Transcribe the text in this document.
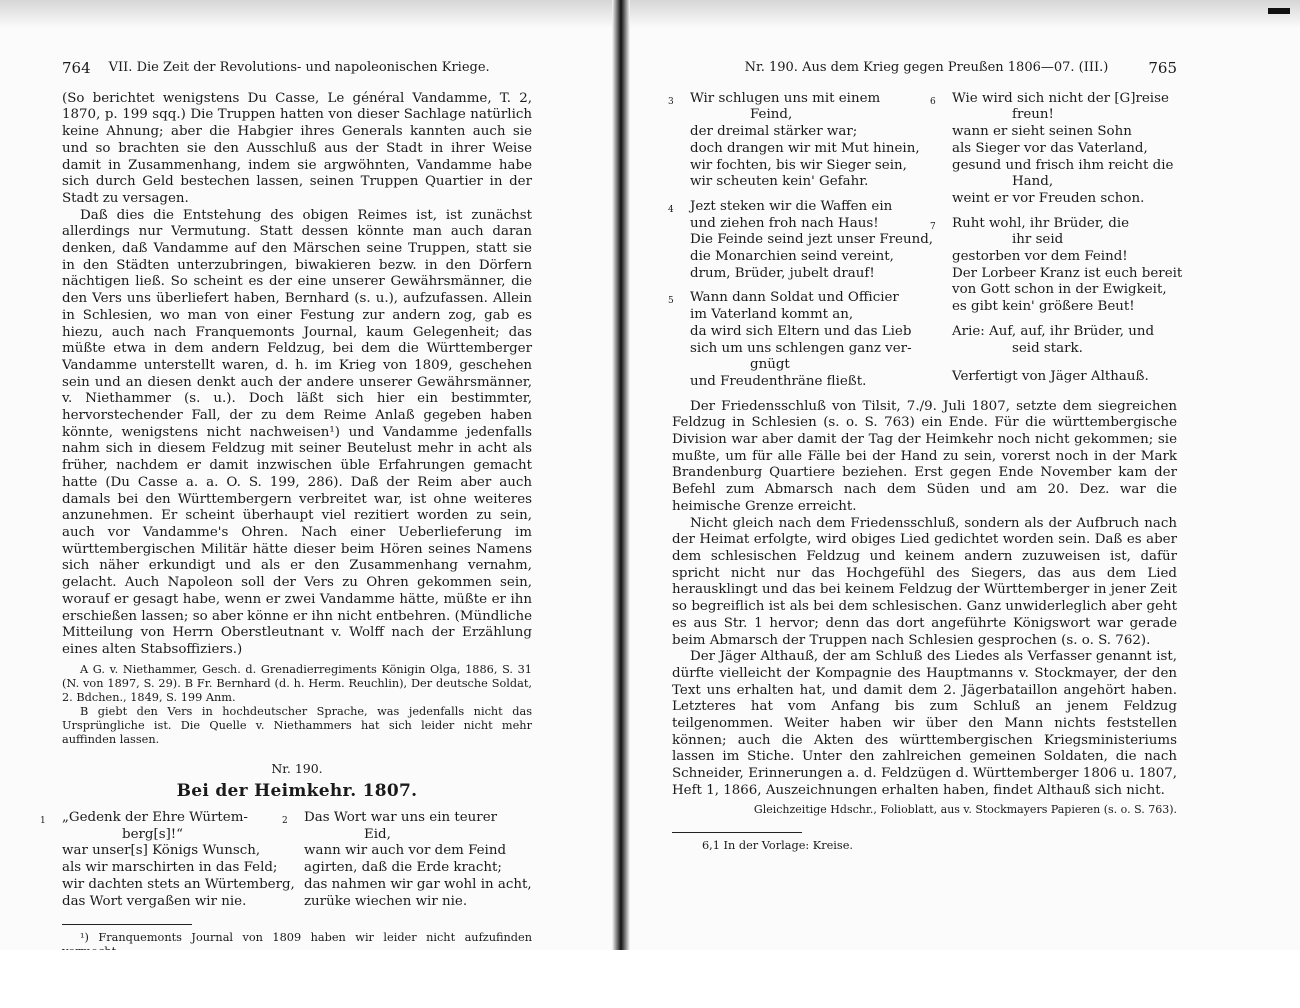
764 VII. Die Zeit der Revolutions- und napoleonischen Kriege.

(So berichtet wenigstens Du Casse, Le général Vandamme, T. 2, 1870, p. 199 sqq.) Die Truppen hatten von dieser Sachlage natürlich keine Ahnung; aber die Habgier ihres Generals kannten auch sie und so brachten sie den Ausschluß aus der Stadt in ihrer Weise damit in Zusammenhang, indem sie argwöhnten, Vandamme habe sich durch Geld bestechen lassen, seinen Truppen Quartier in der Stadt zu versagen.

Daß dies die Entstehung des obigen Reimes ist, ist zunächst allerdings nur Vermutung. Statt dessen könnte man auch daran denken, daß Vandamme auf den Märschen seine Truppen, statt sie in den Städten unterzubringen, biwakieren bezw. in den Dörfern nächtigen ließ. So scheint es der eine unserer Gewährsmänner, die den Vers uns überliefert haben, Bernhard (s. u.), aufzufassen. Allein in Schlesien, wo man von einer Festung zur andern zog, gab es hiezu, auch nach Franquemonts Journal, kaum Gelegenheit; das müßte etwa in dem andern Feldzug, bei dem die Württemberger Vandamme unterstellt waren, d. h. im Krieg von 1809, geschehen sein und an diesen denkt auch der andere unserer Gewährsmänner, v. Niethammer (s. u.). Doch läßt sich hier ein bestimmter, hervorstechender Fall, der zu dem Reime Anlaß gegeben haben könnte, wenigstens nicht nachweisen¹) und Vandamme jedenfalls nahm sich in diesem Feldzug mit seiner Beutelust mehr in acht als früher, nachdem er damit inzwischen üble Erfahrungen gemacht hatte (Du Casse a. a. O. S. 199, 286). Daß der Reim aber auch damals bei den Württembergern verbreitet war, ist ohne weiteres anzunehmen. Er scheint überhaupt viel rezitiert worden zu sein, auch vor Vandamme's Ohren. Nach einer Ueberlieferung im württembergischen Militär hätte dieser beim Hören seines Namens sich näher erkundigt und als er den Zusammenhang vernahm, gelacht. Auch Napoleon soll der Vers zu Ohren gekommen sein, worauf er gesagt habe, wenn er zwei Vandamme hätte, müßte er ihn erschießen lassen; so aber könne er ihn nicht entbehren. (Mündliche Mitteilung von Herrn Oberstleutnant v. Wolff nach der Erzählung eines alten Stabsoffiziers.)

A G. v. Niethammer, Gesch. d. Grenadierregiments Königin Olga, 1886, S. 31 (N. von 1897, S. 29). B Fr. Bernhard (d. h. Herm. Reuchlin), Der deutsche Soldat, 2. Bdchen., 1849, S. 199 Anm.

B giebt den Vers in hochdeutscher Sprache, was jedenfalls nicht das Ursprüngliche ist. Die Quelle v. Niethammers hat sich leider nicht mehr auffinden lassen.

Nr. 190.
Bei der Heimkehr. 1807.
1 „Gedenk der Ehre Würtem-
berg[s]!“
war unser[s] Königs Wunsch,
als wir marschirten in das Feld;
wir dachten stets an Würtemberg,
das Wort vergaßen wir nie.
2 Das Wort war uns ein teurer
Eid,
wann wir auch vor dem Feind
agirten, daß die Erde kracht;
das nahmen wir gar wohl in acht,
zurüke wiechen wir nie.

¹) Franquemonts Journal von 1809 haben wir leider nicht aufzufinden

Nr. 190. Aus dem Krieg gegen Preußen 1806—07. (III.)	765
3 Wir schlugen uns mit einem
Feind,
der dreimal stärker war;
doch drangen wir mit Mut hinein,
wir fochten, bis wir Sieger sein,
wir scheuten kein' Gefahr.
4 Jezt steken wir die Waffen ein
und ziehen froh nach Haus!
Die Feinde seind jezt unser Freund,
die Monarchien seind vereint,
drum, Brüder, jubelt drauf!
5 Wann dann Soldat und Officier
im Vaterland kommt an,
da wird sich Eltern und das Lieb
sich um uns schlengen ganz ver-
gnügt
und Freudenthräne fließt.
6 Wie wird sich nicht der [G]reise
freun!
wann er sieht seinen Sohn
als Sieger vor das Vaterland,
gesund und frisch ihm reicht die
Hand,
weint er vor Freuden schon.
7 Ruht wohl, ihr Brüder, die
ihr seid
gestorben vor dem Feind!
Der Lorbeer Kranz ist euch bereit
von Gott schon in der Ewigkeit,
es gibt kein' größere Beut!
Arie: Auf, auf, ihr Brüder, und
seid stark.
Verfertigt von Jäger Althauß.

Der Friedensschluß von Tilsit, 7./9. Juli 1807, setzte dem siegreichen Feldzug in Schlesien (s. o. S. 763) ein Ende. Für die württembergische Division war aber damit der Tag der Heimkehr noch nicht gekommen; sie mußte, um für alle Fälle bei der Hand zu sein, vorerst noch in der Mark Brandenburg Quartiere beziehen. Erst gegen Ende November kam der Befehl zum Abmarsch nach dem Süden und am 20. Dez. war die heimische Grenze erreicht.

Nicht gleich nach dem Friedensschluß, sondern als der Aufbruch nach der Heimat erfolgte, wird obiges Lied gedichtet worden sein. Daß es aber dem schlesischen Feldzug und keinem andern zuzuweisen ist, dafür spricht nicht nur das Hochgefühl des Siegers, das aus dem Lied herausklingt und das bei keinem Feldzug der Württemberger in jener Zeit so begreiflich ist als bei dem schlesischen. Ganz unwiderleglich aber geht es aus Str. 1 hervor; denn das dort angeführte Königswort war gerade beim Abmarsch der Truppen nach Schlesien gesprochen (s. o. S. 762).

Der Jäger Althauß, der am Schluß des Liedes als Verfasser genannt ist, dürfte vielleicht der Kompagnie des Hauptmanns v. Stockmayer, der den Text uns erhalten hat, und damit dem 2. Jägerbataillon angehört haben. Letzteres hat vom Anfang bis zum Schluß an jenem Feldzug teilgenommen. Weiter haben wir über den Mann nichts feststellen können; auch die Akten des württembergischen Kriegsministeriums lassen im Stiche. Unter den zahlreichen gemeinen Soldaten, die nach Schneider, Erinnerungen a. d. Feldzügen d. Württemberger 1806 u. 1807, Heft 1, 1866, Auszeichnungen erhalten haben, findet Althauß sich nicht.

Gleichzeitige Hdschr., Folioblatt, aus v. Stockmayers Papieren (s. o. S. 763).
6,1 In der Vorlage: Kreise.
